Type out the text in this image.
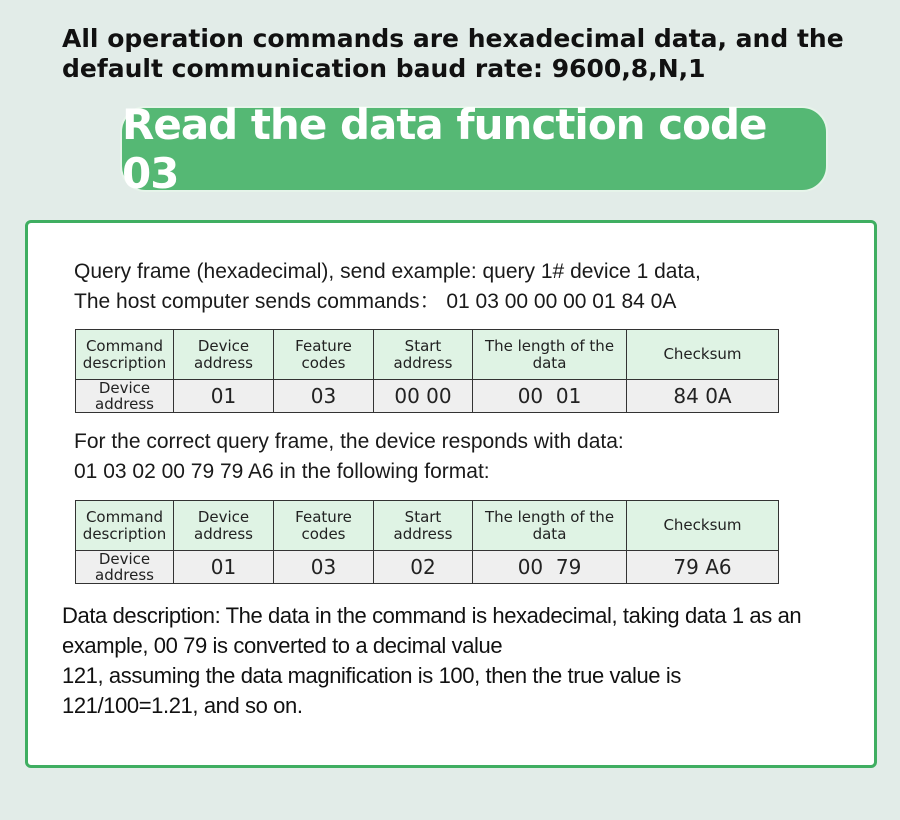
All operation commands are hexadecimal data, and the
default communication baud rate: 9600,8,N,1
Read the data function code 03
Query frame (hexadecimal), send example: query 1# device 1 data,
The host computer sends commands： 01 03 00 00 00 01 84 0A
Command description	Device address	Feature codes	Start address	The length of the data	Checksum
Device address	01	03	00 00	00  01	84 0A
For the correct query frame, the device responds with data:
01 03 02 00 79 79 A6 in the following format:
Command description	Device address	Feature codes	Start address	The length of the data	Checksum
Device address	01	03	02	00  79	79 A6
Data description: The data in the command is hexadecimal, taking data 1 as an
example, 00 79 is converted to a decimal value
121, assuming the data magnification is 100, then the true value is
121/100=1.21, and so on.
